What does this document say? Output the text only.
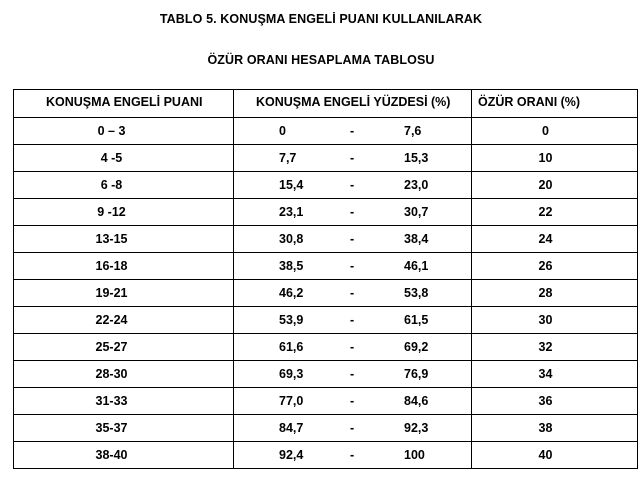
TABLO 5. KONUŞMA ENGELİ PUANI KULLANILARAK
ÖZÜR ORANI HESAPLAMA TABLOSU
KONUŞMA ENGELİ PUANI	KONUŞMA ENGELİ YÜZDESİ (%)	ÖZÜR ORANI (%)
0 – 3	0 - 7,6	0
4 -5	7,7 - 15,3	10
6 -8	15,4 - 23,0	20
9 -12	23,1 - 30,7	22
13-15	30,8 - 38,4	24
16-18	38,5 - 46,1	26
19-21	46,2 - 53,8	28
22-24	53,9 - 61,5	30
25-27	61,6 - 69,2	32
28-30	69,3 - 76,9	34
31-33	77,0 - 84,6	36
35-37	84,7 - 92,3	38
38-40	92,4 - 100	40
